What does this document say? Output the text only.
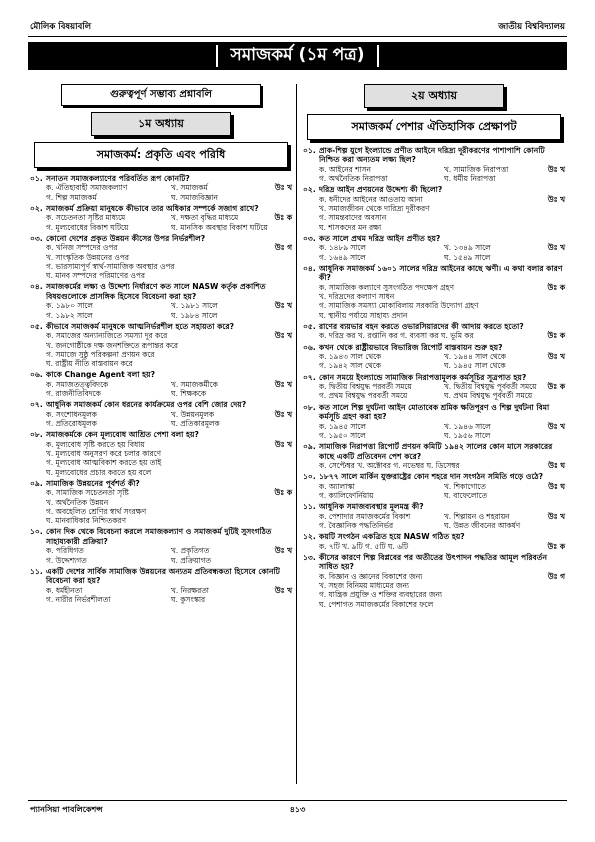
মৌলিক বিষয়াবলি	জাতীয় বিশ্ববিদ্যালয়
সমাজকর্ম (১ম পত্র)
গুরুত্বপূর্ণ সম্ভাব্য প্রশ্নাবলি
১ম অধ্যায়
সমাজকর্ম: প্রকৃতি এবং পরিধি
০১. সনাতন সমাজকল্যাণের পরিবর্তিত রূপ কোনটি?
ক. ঐতিহ্যবাহী সমাজকল্যাণ	খ. সমাজকর্ম
গ. শিল্প সমাজকর্ম	ঘ. সমাজবিজ্ঞান
উঃ খ
০২. সমাজকর্ম প্রক্রিয়া মানুষকে কীভাবে তার অধিকার সম্পর্কে সজাগ রাখে?
ক. সচেতনতা সৃষ্টির মাধ্যমে	খ. দক্ষতা বৃদ্ধির মাধ্যমে
গ. মূল্যবোধের বিকাশ ঘটিয়ে	ঘ. মানসিক অবস্থার বিকাশ ঘটিয়ে
উঃ ক
০৩. কোনো দেশের প্রকৃত উন্নয়ন কীসের উপর নির্ভরশীল?
ক. খনিজ সম্পদের ওপর
খ. সাংস্কৃতিক উন্নয়নের ওপর
গ. ভারসাম্যপূর্ণ স্বার্থ-সামাজিক অবস্থার ওপর
ঘ. মানব সম্পদের পরিমাণের ওপর
উঃ গ
০৪. সমাজকর্মের লক্ষ্য ও উদ্দেশ্য নির্ধারণে কত সালে NASW কর্তৃক প্রকাশিত বিষয়গুলোকে প্রাসঙ্গিক হিসেবে বিবেচনা করা হয়?
ক. ১৯৮০ সালে	খ. ১৯৮১ সালে
গ. ১৯৮২ সালে	ঘ. ১৯৮৪ সালে
উঃ খ
০৫. কীভাবে সমাজকর্ম মানুষকে আত্মনির্ভরশীল হতে সহায়তা করে?
ক. সমাজের অন্যান্যজিতে সমস্যা দূর করে
খ. জনগোষ্ঠীকে দক্ষ জনশক্তিতে রূপান্তর করে
গ. সমাজে সুষ্ঠু পরিকল্পনা প্রণয়ন করে
ঘ. রাষ্ট্রীয় নীতি বাস্তবায়ন করে
উঃ খ
০৬. কাকে Change Agent বলা হয়?
ক. সমাজতত্ত্ববিদকে	খ. সমাজকর্মীকে
গ. রাজনীতিবিদকে	ঘ. শিক্ষককে
উঃ খ
০৭. আধুনিক সমাজকর্ম কোন ধরনের কার্যক্রমের ওপর বেশি জোর দেয়?
ক. সংশোধনমূলক	খ. উন্নয়নমূলক
গ. প্রতিরোধমূলক	ঘ. প্রতিকারমূলক
উঃ খ
০৮. সমাজকর্মকে কেন মূল্যবোধ আশ্রিত পেশা বলা হয়?
ক. মূল্যবোধ সৃষ্টি করতে হয় বিধায়
খ. মূল্যবোধ অনুসরণ করে চলার কারণে
গ. মূল্যবোধ আত্মবিকাশ করতে হয় তাই
ঘ. মূল্যবোধের প্রচার করতে হয় বলে
উঃ খ
০৯. সামাজিক উন্নয়নের পূর্বশর্ত কী?
ক. সামাজিক সচেতনতা সৃষ্টি
খ. অর্থনৈতিক উন্নয়ন
গ. অবহেলিত শ্রেণির স্বার্থ সংরক্ষণ
ঘ. মানবাধিকার নিশ্চিতকরণ
উঃ ক
১০. কোন দিক থেকে বিবেচনা করলে সমাজকল্যাণ ও সমাজকর্ম দুটিই সুসংগঠিত সাহায্যকারী প্রক্রিয়া?
ক. পরিধিগত	খ. প্রকৃতিগত
গ. উদ্দেশ্যগত	ঘ. প্রক্রিয়াগত
উঃ খ
১১. একটি দেশের সার্বিক সামাজিক উন্নয়নের অন্যতম প্রতিবন্ধকতা হিসেবে কোনটি বিবেচনা করা হয়?
ক. ধর্মহীনতা	খ. নিরক্ষরতা
গ. নারীর নির্ভরশীলতা	ঘ. কুসংস্কার
উঃ খ
২য় অধ্যায়
সমাজকর্ম পেশার ঐতিহাসিক প্রেক্ষাপট
০১. প্রাক-শিল্প যুগে ইংল্যান্ডে প্রণীত আইনে দরিদ্র্য দূরীকরণের পাশাপাশি কোনটি নিশ্চিত করা অন্যতম লক্ষ্য ছিল?
ক. আইনের শাসন	খ. সামাজিক নিরাপত্তা
গ. অর্থনৈতিক নিরাপত্তা	ঘ. ধর্মীয় নিরাপত্তা
উঃ খ
০২. দরিদ্র আইন প্রণয়নের উদ্দেশ্য কী ছিলো?
ক. ধনীদের আইনের আওতায় আনা
খ. সমাজজীবন থেকে দারিদ্র্য দূরীকরণ
গ. সামন্তবাদের অবসান
ঘ. শাসকদের মন রক্ষা
উঃ খ
০৩. কত সালে প্রথম দরিদ্র আইন প্রণীত হয়?
ক. ১৪৮৯ সালে	খ. ১৩৪৯ সালে
গ. ১৬৪৯ সালে	ঘ. ১৫৪৯ সালে
উঃ খ
০৪. আধুনিক সমাজকর্ম ১৬০১ সালের দরিদ্র আইনের কাছে ঋণী। এ কথা বলার কারণ কী?
ক. সামাজিক কল্যাণে সুসংগঠিত পদক্ষেপ গ্রহণ
খ. দরিদ্রদের কল্যাণ সাধন
গ. সামাজিক সমস্যা মোকাবিলায় সরকারি উদ্যোগ গ্রহণ
ঘ. স্থানীয় পর্যায়ে সাহায্য প্রদান
উঃ ক
০৫. রাণের ব্যয়ভার বহন করতে ওভারসিয়ারদের কী আদায় করতে হতো?
ক. দরিদ্র কর খ. রপ্তানি কর গ. ব্যবসা কর ঘ. ভূমি কর	উঃ ক
০৬. কখন থেকে রাষ্ট্রীয়ভাবে বিভারিজ রিপোর্ট বাস্তবায়ন শুরু হয়?
ক. ১৯৪৩ সাল থেকে	খ. ১৯৪৪ সাল থেকে
গ. ১৯৪২ সাল থেকে	ঘ. ১৯৪৫ সাল থেকে
উঃ খ
০৭. কোন সময়ে ইংল্যান্ডে সামাজিক নিরাপত্তামূলক কর্মসূচির সূত্রপাত হয়?
ক. দ্বিতীয় বিশ্বযুদ্ধ পরবর্তী সময়ে	খ. দ্বিতীয় বিশ্বযুদ্ধ পূর্ববর্তী সময়ে
গ. প্রথম বিশ্বযুদ্ধ পরবর্তী সময়ে	ঘ. প্রথম বিশ্বযুদ্ধ পূর্ববর্তী সময়ে
উঃ ক
০৮. কত সালে শিল্প দুর্ঘটনা আইন মোতাবেক শ্রমিক ক্ষতিপূরণ ও শিল্প দুর্ঘটনা বিমা কর্মসূচি গ্রহণ করা হয়?
ক. ১৯৪৫ সালে	খ. ১৯৪৬ সালে
গ. ১৯৫০ সালে	ঘ. ১৯৫৬ সালে
উঃ খ
০৯. সামাজিক নিরাপত্তা রিপোর্ট প্রণয়ন কমিটি ১৯৪২ সালের কোন মাসে সরকারের কাছে একটি প্রতিবেদন পেশ করে?
ক. সেপ্টেম্বর খ. অক্টোবর গ. নভেম্বর ঘ. ডিসেম্বর	উঃ ঘ
১০. ১৮৭৭ সালে মার্কিন যুক্তরাষ্ট্রের কোন শহরে দান সংগঠন সমিতি গড়ে ওঠে?
ক. অ্যালাস্কা	খ. শিকাগোতে
গ. ক্যালিফোর্নিয়ায়	ঘ. বাফেলোতে
উঃ ঘ
১১. আধুনিক সমাজব্যবস্থার মূলমন্ত্র কী?
ক. পেশাদার সমাজকর্মের বিকাশ	খ. শিল্পায়ন ও শহরায়ন
গ. বৈজ্ঞানিক পদ্ধতিনির্ভর	ঘ. উন্নত জীবনের আকর্ষণ
উঃ খ
১২. কয়টি সংগঠন একত্রিত হয়ে NASW গঠিত হয়?
ক. ৭টি খ. ৯টি গ. ৫টি ঘ. ৬টি	উঃ ক
১৩. কীসের কারণে শিল্প বিপ্লবের পর অতীতের উৎপাদন পদ্ধতির আমূল পরিবর্তন সাধিত হয়?
ক. বিজ্ঞান ও জ্ঞানের বিকাশের জন্য
খ. সহজ বিনিময় মাধ্যমের জন্য
গ. যান্ত্রিক প্রযুক্তি ও শক্তির ব্যবহারের জন্য
ঘ. পেশাগত সমাজকর্মের বিকাশের ফলে
উঃ গ
প্যানসিয়া পাবলিকেশন্স	৪১৩
